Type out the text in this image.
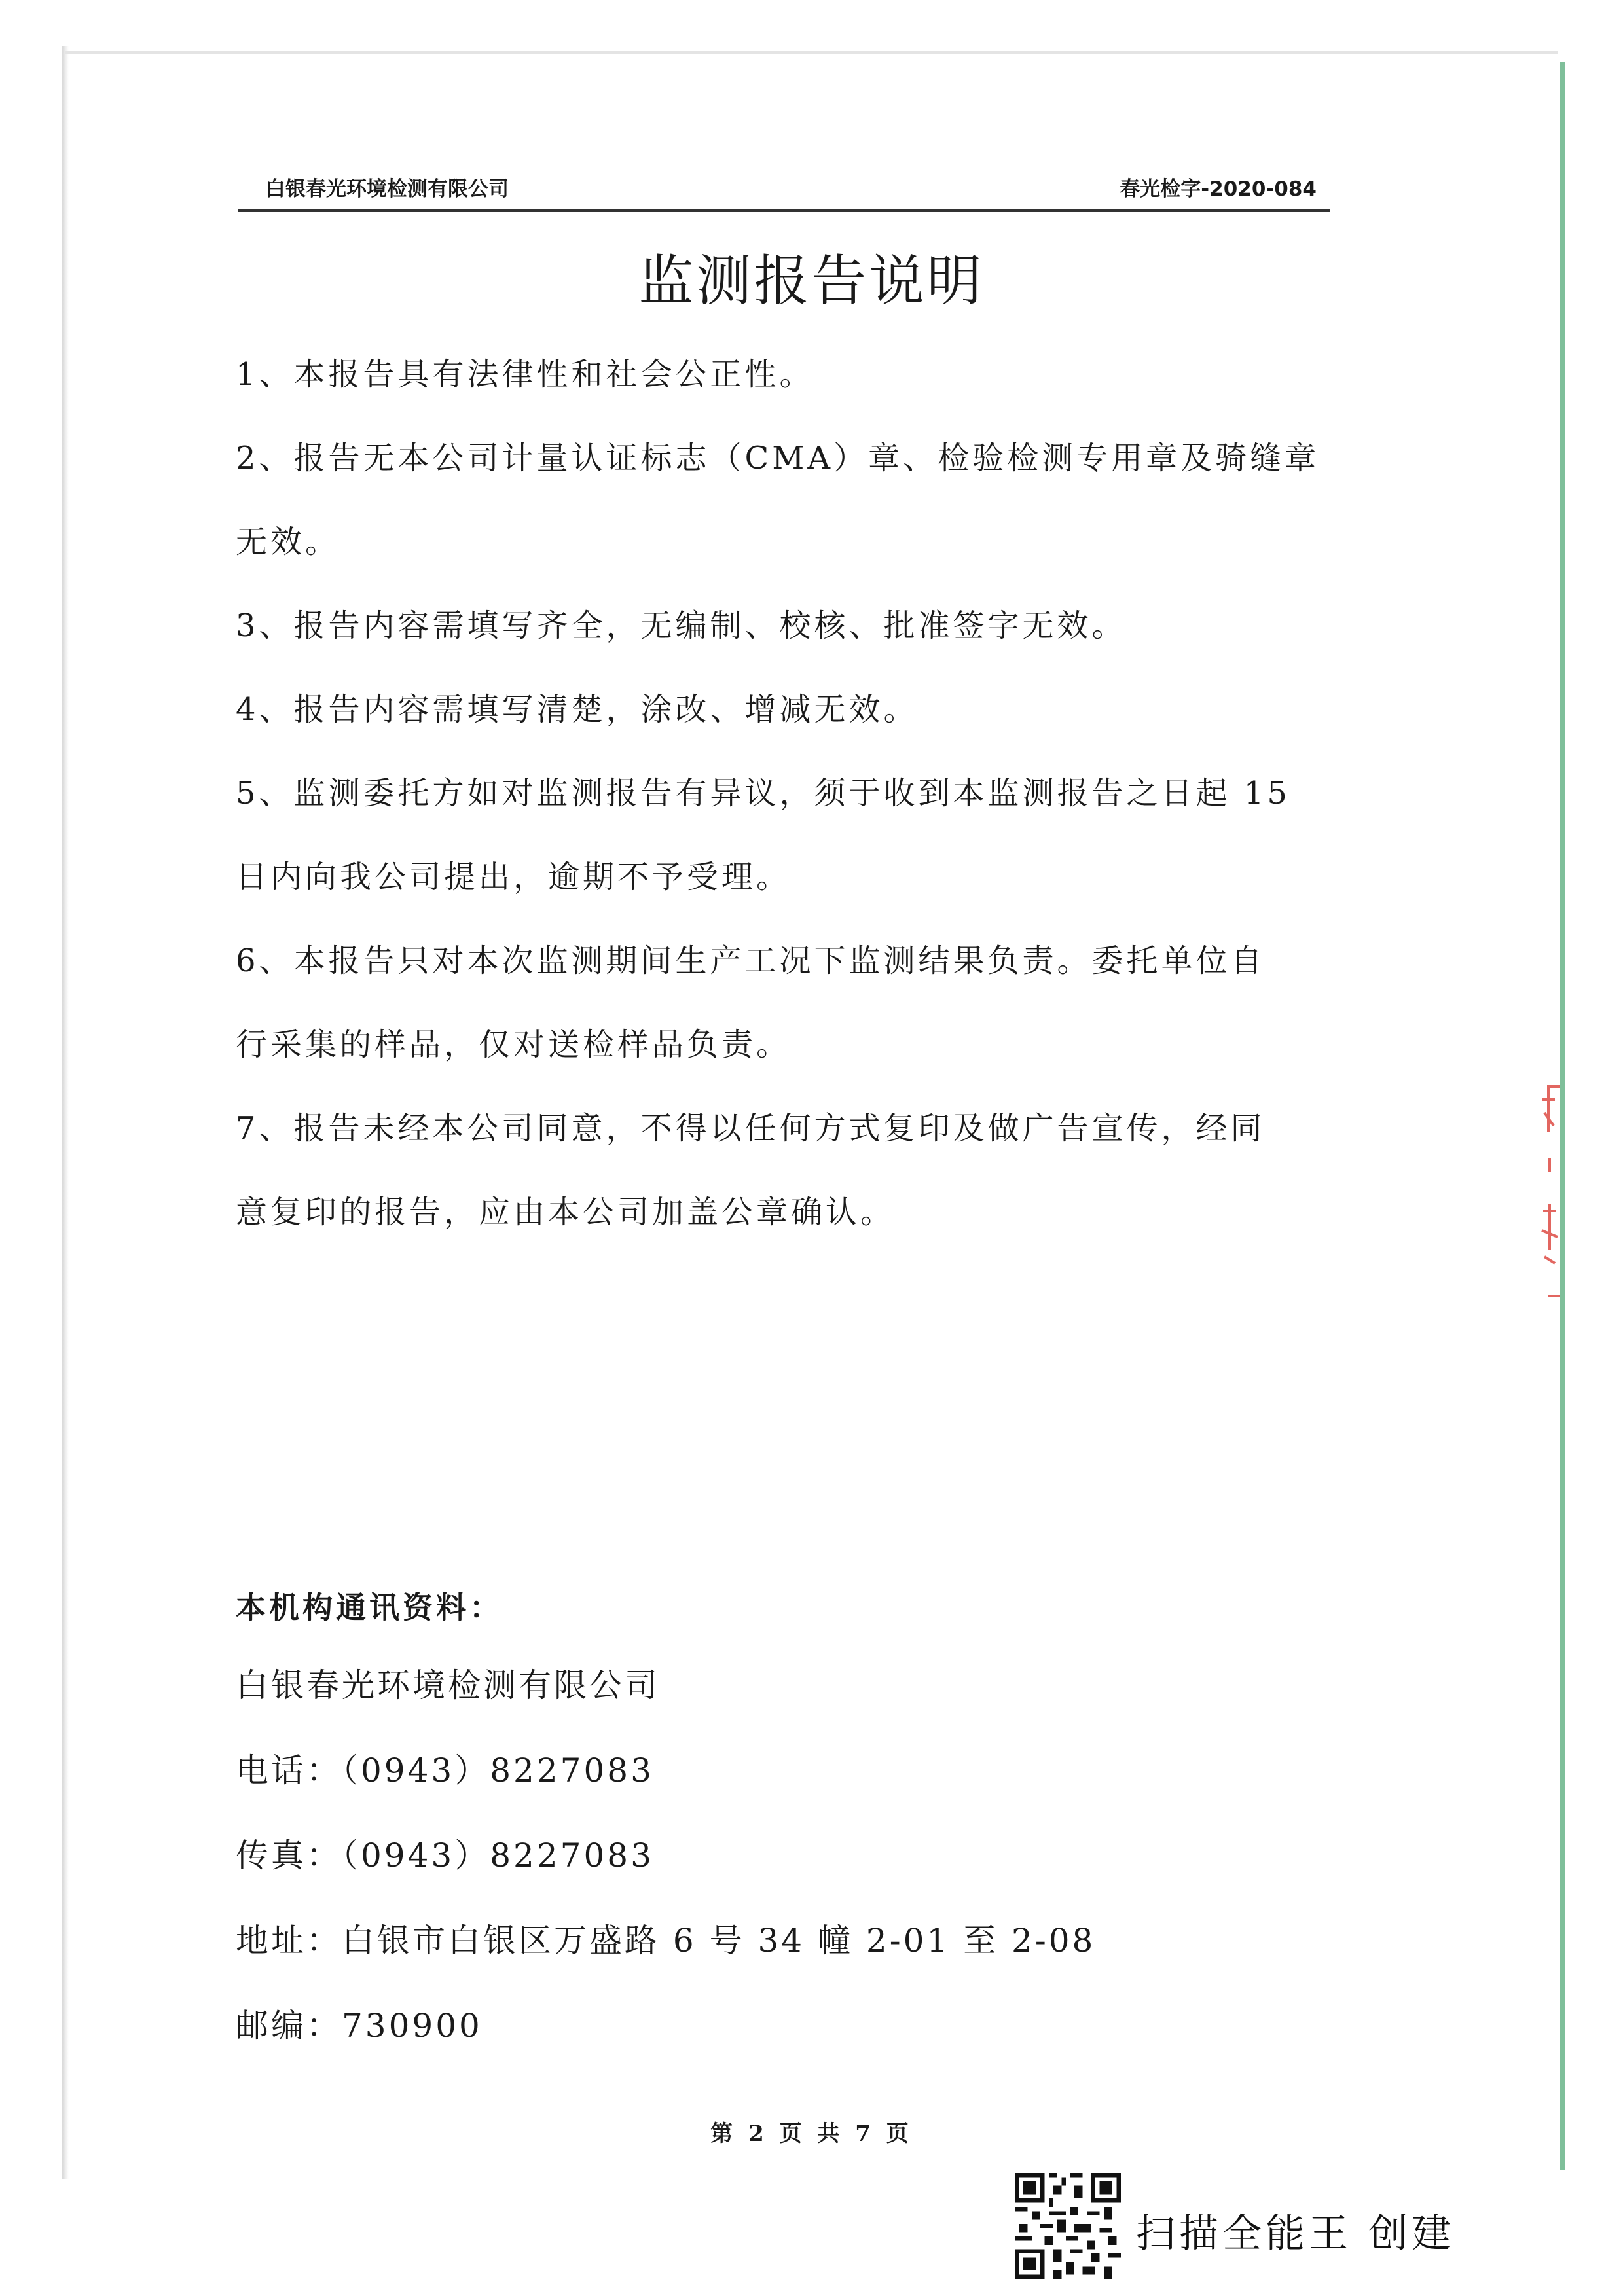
白银春光环境检测有限公司	春光检字-2020-084
监测报告说明

1、本报告具有法律性和社会公正性。

2、报告无本公司计量认证标志（CMA）章、检验检测专用章及骑缝章

无效。

3、报告内容需填写齐全，无编制、校核、批准签字无效。

4、报告内容需填写清楚，涂改、增减无效。

5、监测委托方如对监测报告有异议，须于收到本监测报告之日起 15

日内向我公司提出，逾期不予受理。

6、本报告只对本次监测期间生产工况下监测结果负责。委托单位自

行采集的样品，仅对送检样品负责。

7、报告未经本公司同意，不得以任何方式复印及做广告宣传，经同

意复印的报告，应由本公司加盖公章确认。

本机构通讯资料：

白银春光环境检测有限公司

电话：（0943）8227083

传真：（0943）8227083

地址：白银市白银区万盛路 6 号 34 幢 2-01 至 2-08

邮编：730900

第 2 页 共 7 页
扫描全能王 创建
